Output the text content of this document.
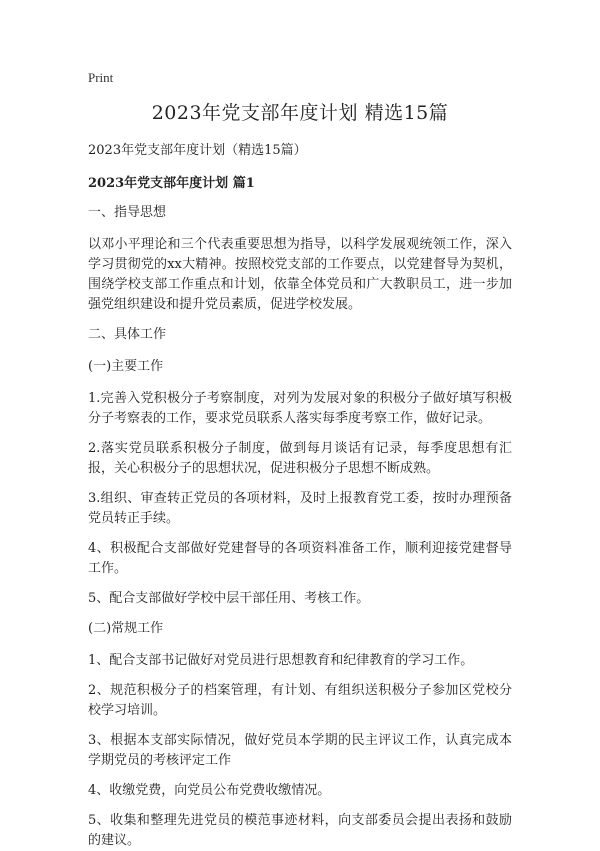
Print
2023年党支部年度计划 精选15篇
2023年党支部年度计划（精选15篇）
2023年党支部年度计划 篇1

一、指导思想

以邓小平理论和三个代表重要思想为指导，以科学发展观统领工作，深入学习贯彻党的xx大精神。按照校党支部的工作要点，以党建督导为契机，围绕学校支部工作重点和计划，依靠全体党员和广大教职员工，进一步加强党组织建设和提升党员素质，促进学校发展。

二、具体工作

(一)主要工作

1.完善入党积极分子考察制度，对列为发展对象的积极分子做好填写积极分子考察表的工作，要求党员联系人落实每季度考察工作，做好记录。

2.落实党员联系积极分子制度，做到每月谈话有记录，每季度思想有汇报，关心积极分子的思想状况，促进积极分子思想不断成熟。

3.组织、审查转正党员的各项材料，及时上报教育党工委，按时办理预备党员转正手续。

4、积极配合支部做好党建督导的各项资料准备工作，顺利迎接党建督导工作。

5、配合支部做好学校中层干部任用、考核工作。

(二)常规工作

1、配合支部书记做好对党员进行思想教育和纪律教育的学习工作。

2、规范积极分子的档案管理，有计划、有组织送积极分子参加区党校分校学习培训。

3、根据本支部实际情况，做好党员本学期的民主评议工作，认真完成本学期党员的考核评定工作

4、收缴党费，向党员公布党费收缴情况。

5、收集和整理先进党员的模范事迹材料，向支部委员会提出表扬和鼓励的建议。
